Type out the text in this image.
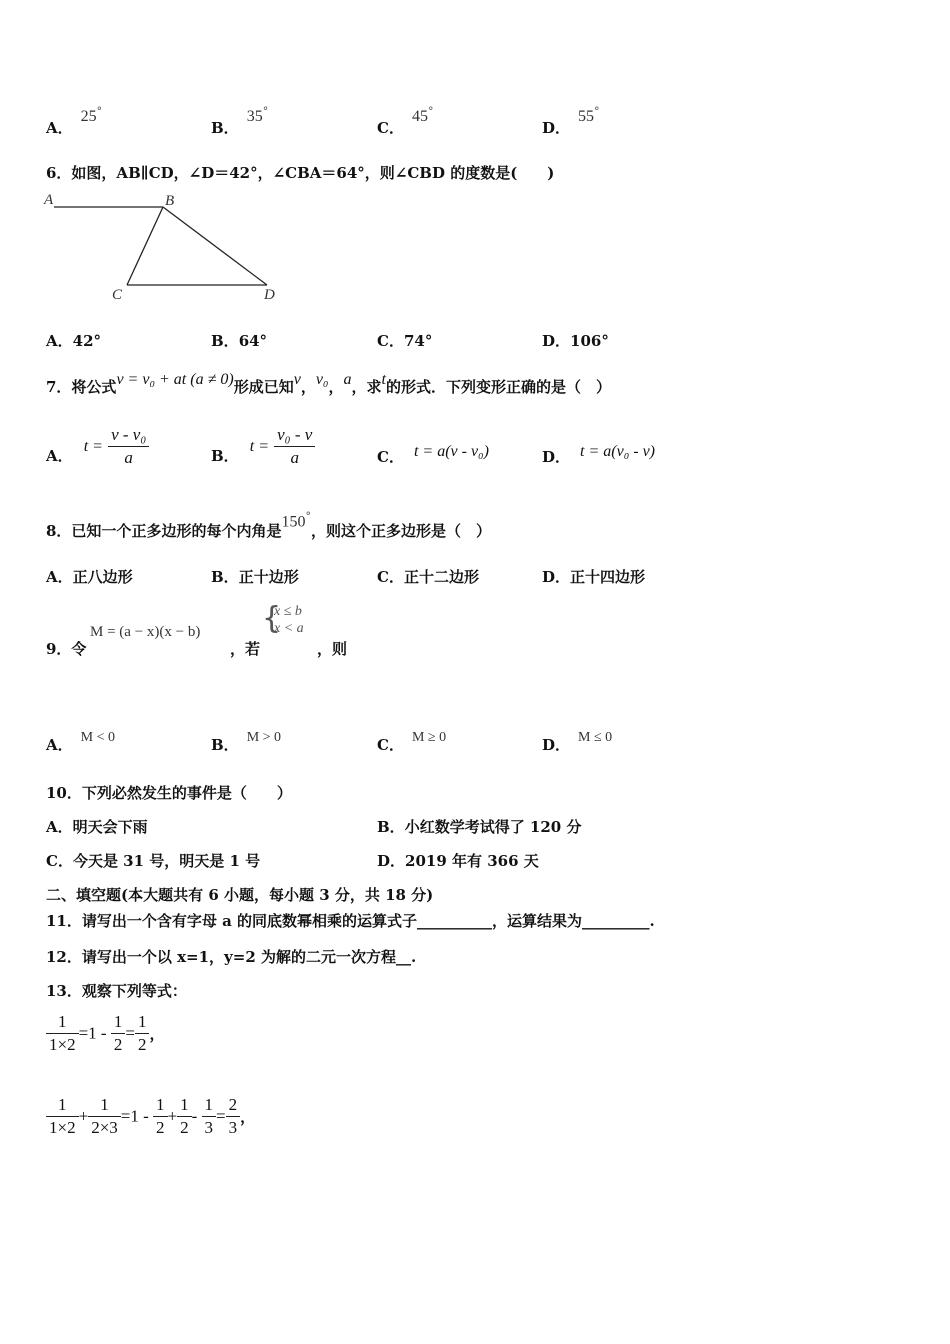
A．25°
B．35°
C．45°
D．55°
6．如图，AB∥CD，∠D＝42°，∠CBA＝64°，则∠CBD 的度数是(　　)
A	B
C	D
A．42°	B．64°	C．74°	D．106°
7．将公式v = v₀ + at (a ≠ 0)形成已知v，v₀，a，求t的形式．下列变形正确的是（　）
A． $t = \frac{\text{v - v₀}}{a}$	B． $t = \frac{\text{v₀ - v}}{a}$	C． t = a(v - v₀)	D． t = a(v₀ - v)
8．已知一个正多边形的每个内角是150°，则这个正多边形是（　）
A．正八边形	B．正十边形	C．正十二边形	D．正十四边形
9．令
M = (a − x)(x − b)
，若
{
x ≤ b
x < a
，则
A． M < 0	B． M > 0	C． M ≥ 0	D． M ≤ 0
10．下列必然发生的事件是（　　）
A．明天会下雨	B．小红数学考试得了 120 分
C．今天是 31 号，明天是 1 号	D．2019 年有 366 天
二、填空题(本大题共有 6 小题，每小题 3 分，共 18 分)
11．请写出一个含有字母 a 的同底数幂相乘的运算式子__________，运算结果为_________.
12．请写出一个以 x=1，y=2 为解的二元一次方程__.
13．观察下列等式：
$\frac{1}{1\times 2} =1 - \frac{1}{2} = \frac{1}{2}$ ，
$\frac{1}{1\times 2} + \frac{1}{2\times 3} =1 - \frac{1}{2} + \frac{1}{2} - \frac{1}{3} = \frac{2}{3}$ ，
